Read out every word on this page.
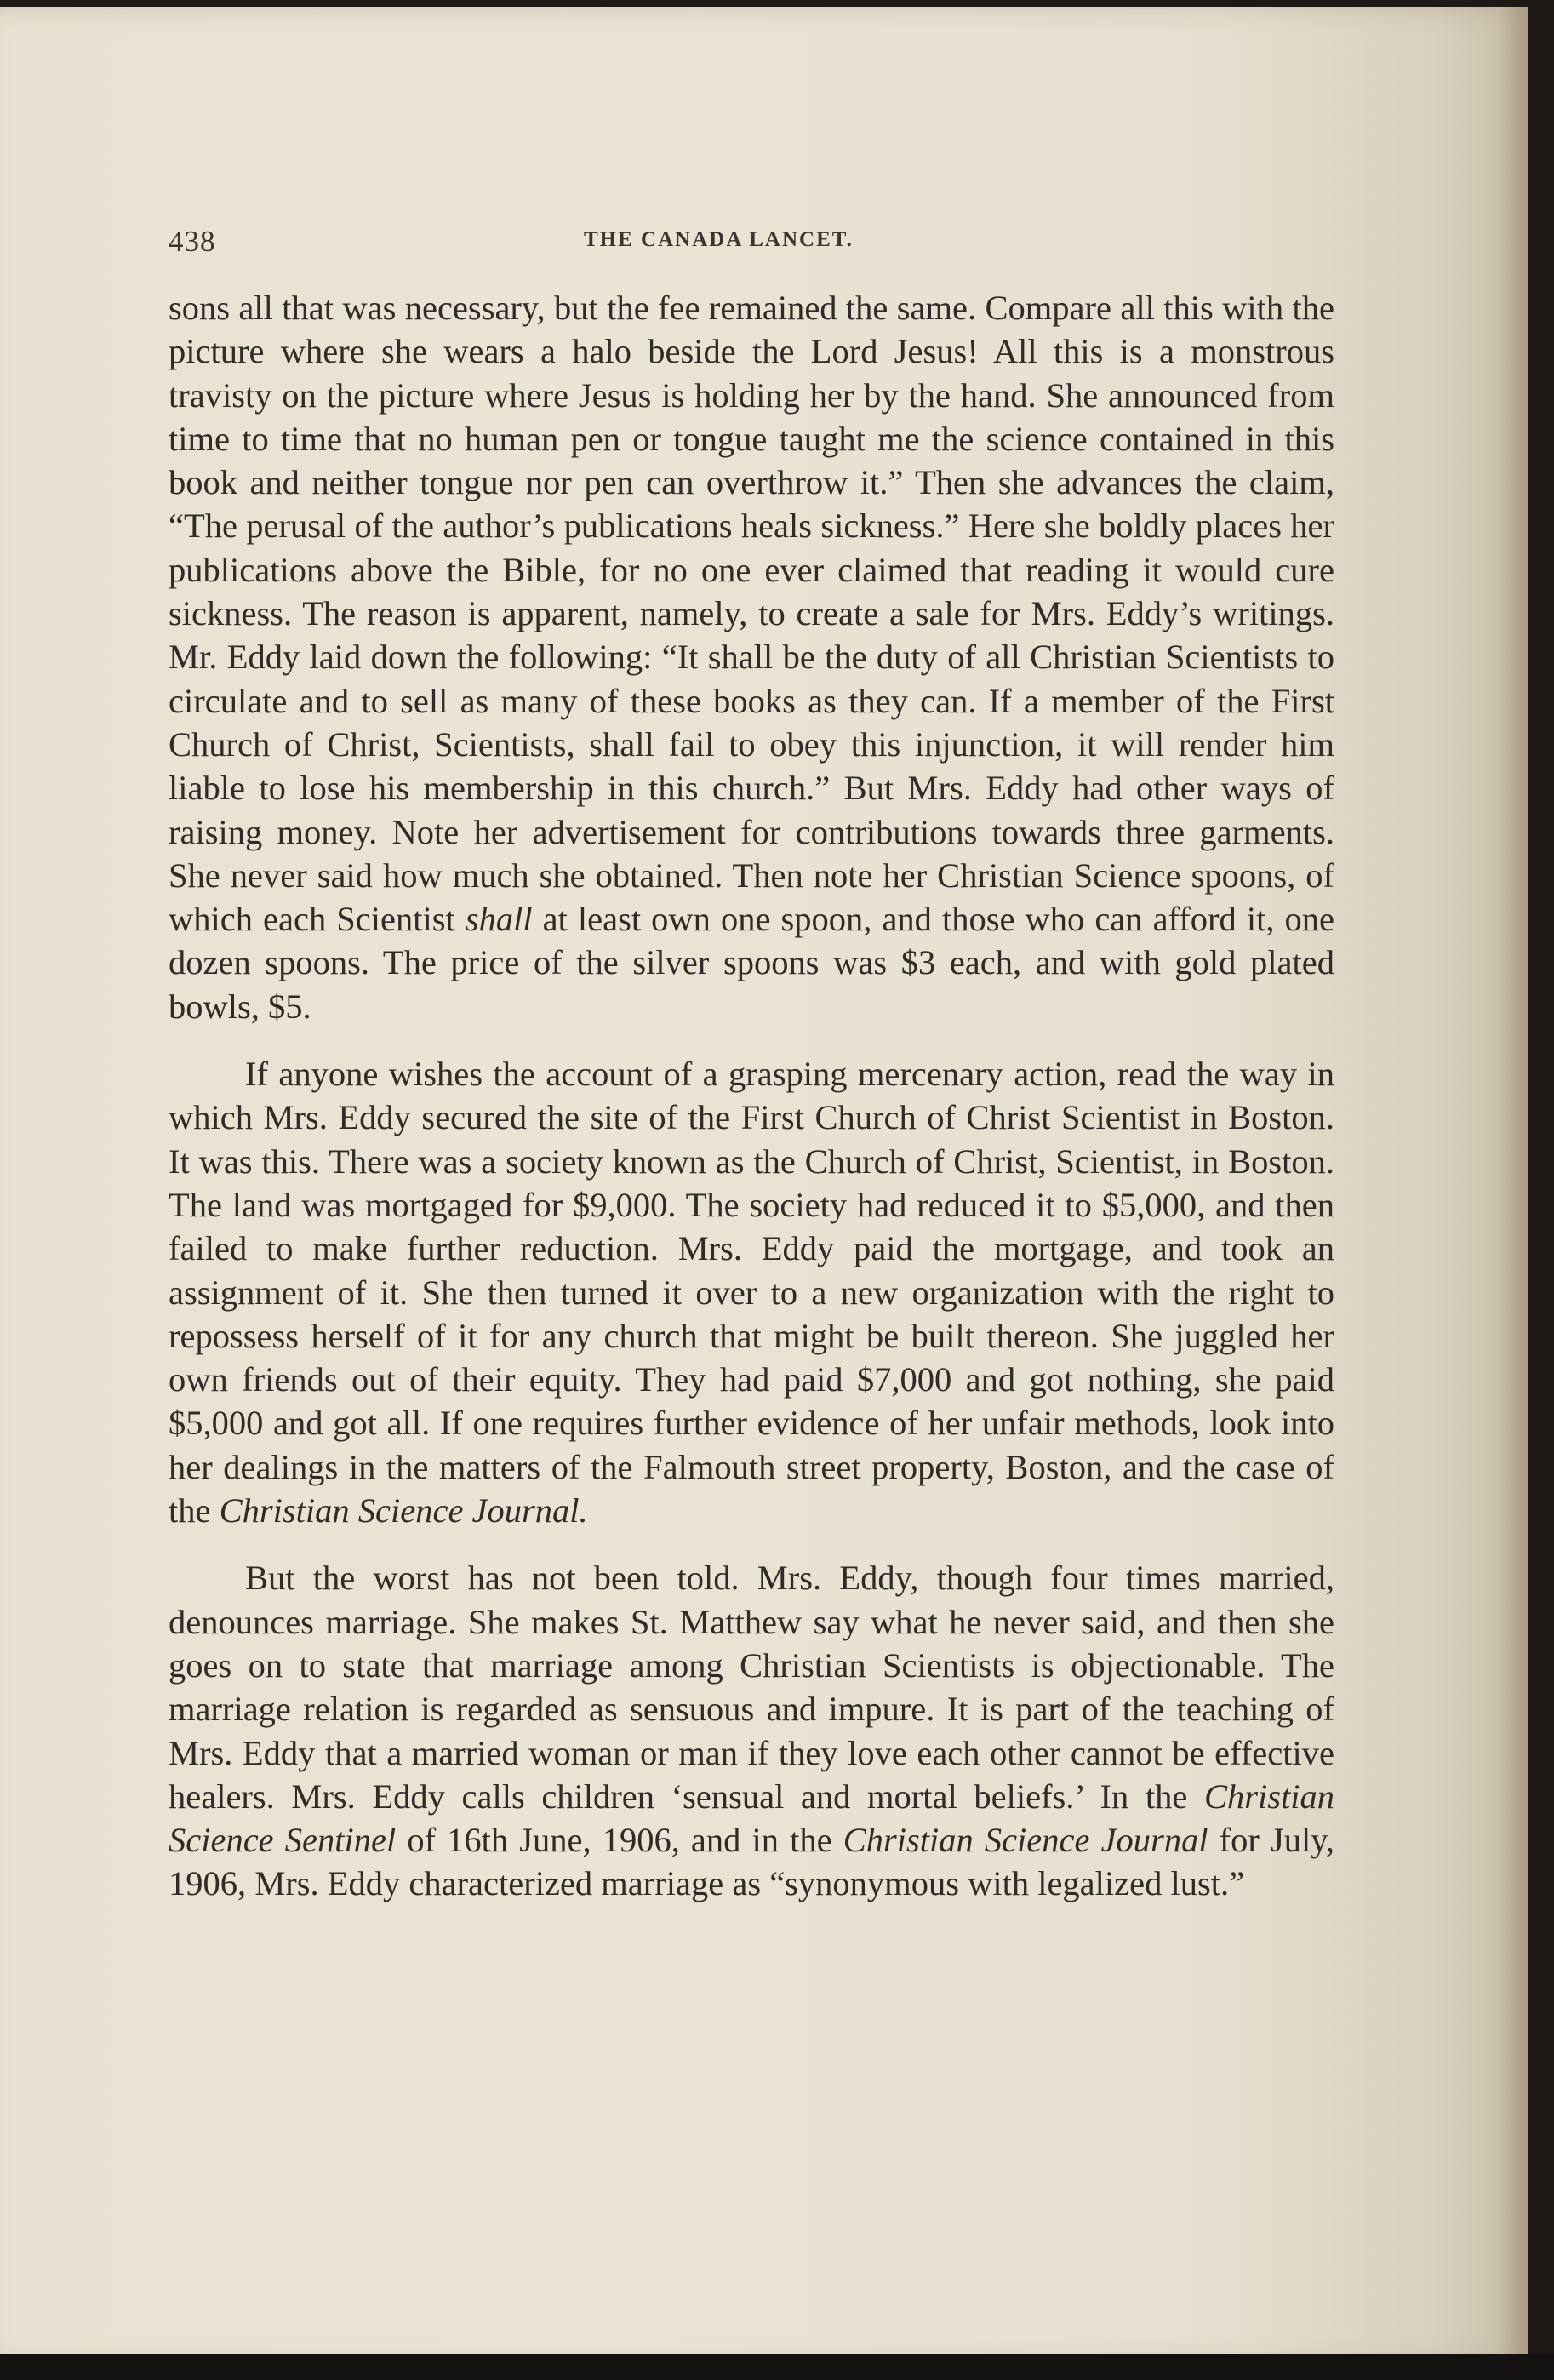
438	THE CANADA LANCET.

sons all that was necessary, but the fee remained the same. Compare all this with the picture where she wears a halo beside the Lord Jesus! All this is a monstrous travisty on the picture where Jesus is holding her by the hand. She announced from time to time that no human pen or tongue taught me the science contained in this book and neither tongue nor pen can overthrow it.” Then she advances the claim, “The perusal of the author’s publications heals sickness.” Here she boldly places her publications above the Bible, for no one ever claimed that reading it would cure sickness. The reason is apparent, namely, to create a sale for Mrs. Eddy’s writings. Mr. Eddy laid down the following: “It shall be the duty of all Christian Scientists to circulate and to sell as many of these books as they can. If a member of the First Church of Christ, Scientists, shall fail to obey this injunction, it will render him liable to lose his membership in this church.” But Mrs. Eddy had other ways of raising money. Note her advertisement for contributions towards three garments. She never said how much she obtained. Then note her Christian Science spoons, of which each Scientist shall at least own one spoon, and those who can afford it, one dozen spoons. The price of the silver spoons was $3 each, and with gold plated bowls, $5.

If anyone wishes the account of a grasping mercenary action, read the way in which Mrs. Eddy secured the site of the First Church of Christ Scientist in Boston. It was this. There was a society known as the Church of Christ, Scientist, in Boston. The land was mortgaged for $9,000. The society had reduced it to $5,000, and then failed to make further reduction. Mrs. Eddy paid the mortgage, and took an assignment of it. She then turned it over to a new organization with the right to repossess herself of it for any church that might be built thereon. She juggled her own friends out of their equity. They had paid $7,000 and got nothing, she paid $5,000 and got all. If one requires further evidence of her unfair methods, look into her dealings in the matters of the Falmouth street property, Boston, and the case of the Christian Science Journal.

But the worst has not been told. Mrs. Eddy, though four times married, denounces marriage. She makes St. Matthew say what he never said, and then she goes on to state that marriage among Christian Scientists is objectionable. The marriage relation is regarded as sensuous and impure. It is part of the teaching of Mrs. Eddy that a married woman or man if they love each other cannot be effective healers. Mrs. Eddy calls children ‘sensual and mortal beliefs.’ In the Christian Science Sentinel of 16th June, 1906, and in the Christian Science Journal for July, 1906, Mrs. Eddy characterized marriage as “synonymous with legalized lust.”
